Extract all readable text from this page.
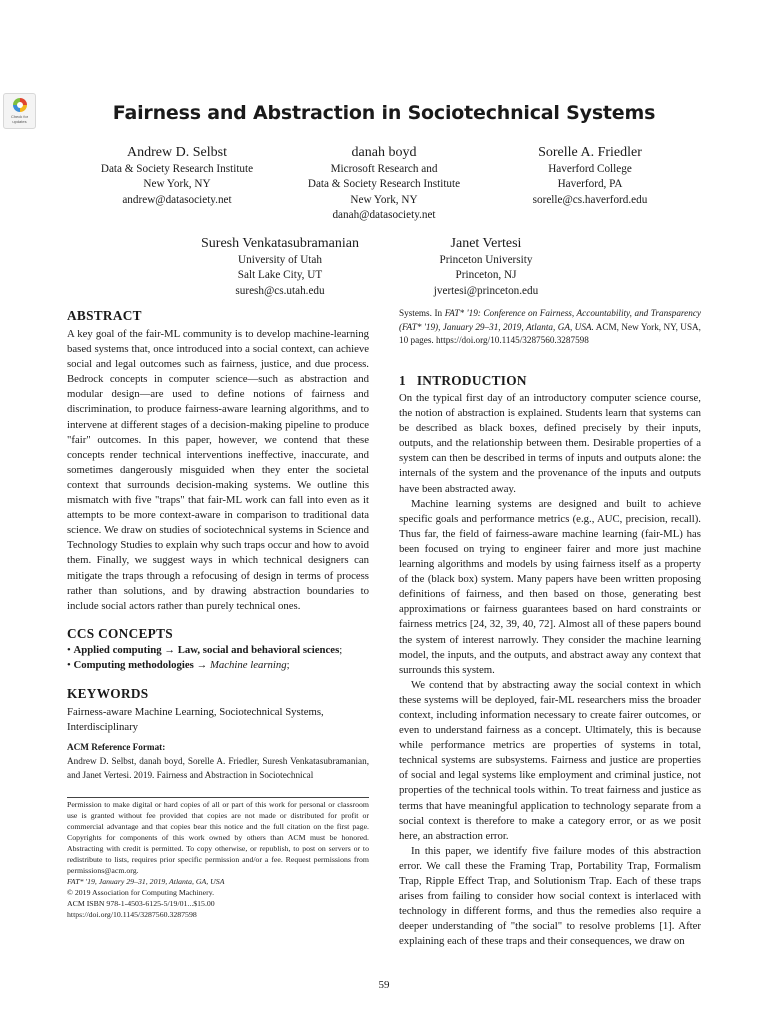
Check for
updates	Fairness and Abstraction in Sociotechnical Systems
Andrew D. Selbst
Data & Society Research Institute
New York, NY
andrew@datasociety.net
danah boyd
Microsoft Research and
Data & Society Research Institute
New York, NY
danah@datasociety.net
Sorelle A. Friedler
Haverford College
Haverford, PA
sorelle@cs.haverford.edu
Suresh Venkatasubramanian
University of Utah
Salt Lake City, UT
suresh@cs.utah.edu
Janet Vertesi
Princeton University
Princeton, NJ
jvertesi@princeton.edu
ABSTRACT
A key goal of the fair-ML community is to develop machine-learning based systems that, once introduced into a social context, can achieve social and legal outcomes such as fairness, justice, and due process. Bedrock concepts in computer science—such as abstraction and modular design—are used to define notions of fairness and discrimination, to produce fairness-aware learning algorithms, and to intervene at different stages of a decision-making pipeline to produce "fair" outcomes. In this paper, however, we contend that these concepts render technical interventions ineffective, inaccurate, and sometimes dangerously misguided when they enter the societal context that surrounds decision-making systems. We outline this mismatch with five "traps" that fair-ML work can fall into even as it attempts to be more context-aware in comparison to traditional data science. We draw on studies of sociotechnical systems in Science and Technology Studies to explain why such traps occur and how to avoid them. Finally, we suggest ways in which technical designers can mitigate the traps through a refocusing of design in terms of process rather than solutions, and by drawing abstraction boundaries to include social actors rather than purely technical ones.
CCS CONCEPTS
• Applied computing → Law, social and behavioral sciences;
• Computing methodologies → Machine learning;
KEYWORDS
Fairness-aware Machine Learning, Sociotechnical Systems, Interdisciplinary
ACM Reference Format:
Andrew D. Selbst, danah boyd, Sorelle A. Friedler, Suresh Venkatasubramanian, and Janet Vertesi. 2019. Fairness and Abstraction in Sociotechnical
Permission to make digital or hard copies of all or part of this work for personal or classroom use is granted without fee provided that copies are not made or distributed for profit or commercial advantage and that copies bear this notice and the full citation on the first page. Copyrights for components of this work owned by others than ACM must be honored. Abstracting with credit is permitted. To copy otherwise, or republish, to post on servers or to redistribute to lists, requires prior specific permission and/or a fee. Request permissions from permissions@acm.org.
FAT* '19, January 29–31, 2019, Atlanta, GA, USA
© 2019 Association for Computing Machinery.
ACM ISBN 978-1-4503-6125-5/19/01...$15.00
https://doi.org/10.1145/3287560.3287598
Systems. In FAT* '19: Conference on Fairness, Accountability, and Transparency (FAT* '19), January 29–31, 2019, Atlanta, GA, USA. ACM, New York, NY, USA, 10 pages. https://doi.org/10.1145/3287560.3287598
1 INTRODUCTION
On the typical first day of an introductory computer science course, the notion of abstraction is explained. Students learn that systems can be described as black boxes, defined precisely by their inputs, outputs, and the relationship between them. Desirable properties of a system can then be described in terms of inputs and outputs alone: the internals of the system and the provenance of the inputs and outputs have been abstracted away.
Machine learning systems are designed and built to achieve specific goals and performance metrics (e.g., AUC, precision, recall). Thus far, the field of fairness-aware machine learning (fair-ML) has been focused on trying to engineer fairer and more just machine learning algorithms and models by using fairness itself as a property of the (black box) system. Many papers have been written proposing definitions of fairness, and then based on those, generating best approximations or fairness guarantees based on hard constraints or fairness metrics [24, 32, 39, 40, 72]. Almost all of these papers bound the system of interest narrowly. They consider the machine learning model, the inputs, and the outputs, and abstract away any context that surrounds this system.
We contend that by abstracting away the social context in which these systems will be deployed, fair-ML researchers miss the broader context, including information necessary to create fairer outcomes, or even to understand fairness as a concept. Ultimately, this is because while performance metrics are properties of systems in total, technical systems are subsystems. Fairness and justice are properties of social and legal systems like employment and criminal justice, not properties of the technical tools within. To treat fairness and justice as terms that have meaningful application to technology separate from a social context is therefore to make a category error, or as we posit here, an abstraction error.
In this paper, we identify five failure modes of this abstraction error. We call these the Framing Trap, Portability Trap, Formalism Trap, Ripple Effect Trap, and Solutionism Trap. Each of these traps arises from failing to consider how social context is interlaced with technology in different forms, and thus the remedies also require a deeper understanding of "the social" to resolve problems [1]. After explaining each of these traps and their consequences, we draw on
59
